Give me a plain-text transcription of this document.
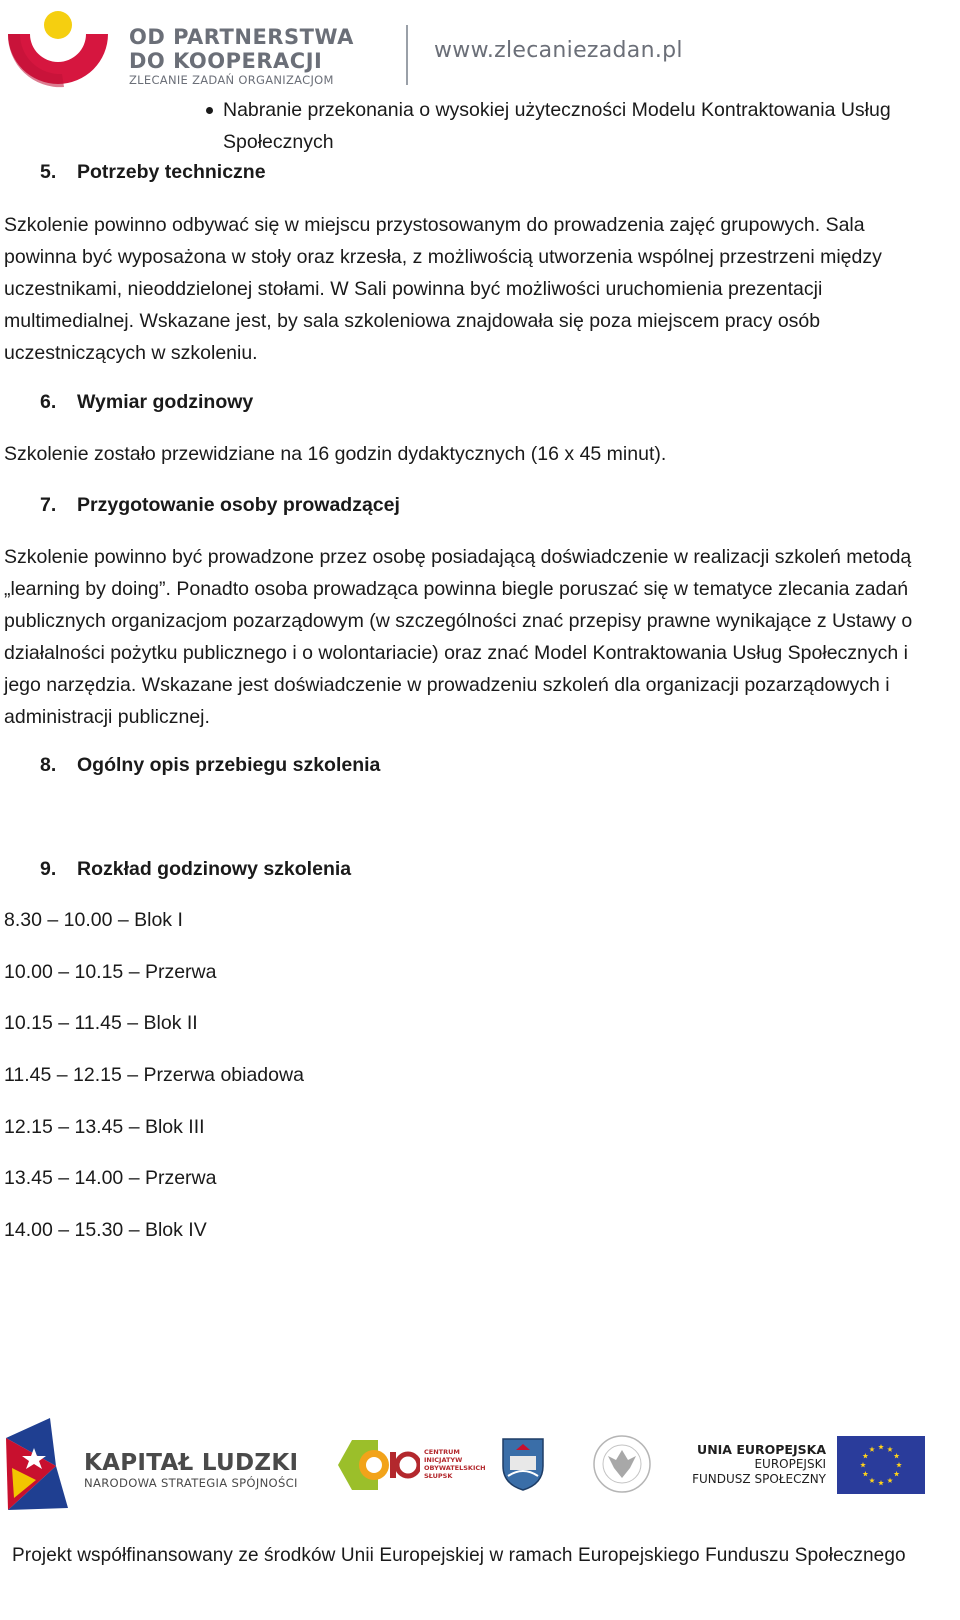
OD PARTNERSTWA
DO KOOPERACJI
ZLECANIE ZADAŃ ORGANIZACJOM
www.zlecaniezadan.pl
Nabranie przekonania o wysokiej użyteczności Modelu Kontraktowania Usług Społecznych
5. Potrzeby techniczne
Szkolenie powinno odbywać się w miejscu przystosowanym do prowadzenia zajęć grupowych. Sala powinna być wyposażona w stoły oraz krzesła, z możliwością utworzenia wspólnej przestrzeni między uczestnikami, nieoddzielonej stołami. W Sali powinna być możliwości uruchomienia prezentacji multimedialnej. Wskazane jest, by sala szkoleniowa znajdowała się poza miejscem pracy osób uczestniczących w szkoleniu.
6. Wymiar godzinowy
Szkolenie zostało przewidziane na 16 godzin dydaktycznych (16 x 45 minut).
7. Przygotowanie osoby prowadzącej
Szkolenie powinno być prowadzone przez osobę posiadającą doświadczenie w realizacji szkoleń metodą „learning by doing”. Ponadto osoba prowadząca powinna biegle poruszać się w tematyce zlecania zadań publicznych organizacjom pozarządowym (w szczególności znać przepisy prawne wynikające z Ustawy o działalności pożytku publicznego i o wolontariacie) oraz znać Model Kontraktowania Usług Społecznych i jego narzędzia. Wskazane jest doświadczenie w prowadzeniu szkoleń dla organizacji pozarządowych i administracji publicznej.
8. Ogólny opis przebiegu szkolenia
9. Rozkład godzinowy szkolenia
8.30 – 10.00 – Blok I
10.00 – 10.15 – Przerwa
10.15 – 11.45 – Blok II
11.45 – 12.15 – Przerwa obiadowa
12.15 – 13.45 – Blok III
13.45 – 14.00 – Przerwa
14.00 – 15.30 – Blok IV
KAPITAŁ LUDZKI
NARODOWA STRATEGIA SPÓJNOŚCI
CENTRUM
INICJATYW
OBYWATELSKICH
SŁUPSK
UNIA EUROPEJSKA
EUROPEJSKI
FUNDUSZ SPOŁECZNY
Projekt współfinansowany ze środków Unii Europejskiej w ramach Europejskiego Funduszu Społecznego
